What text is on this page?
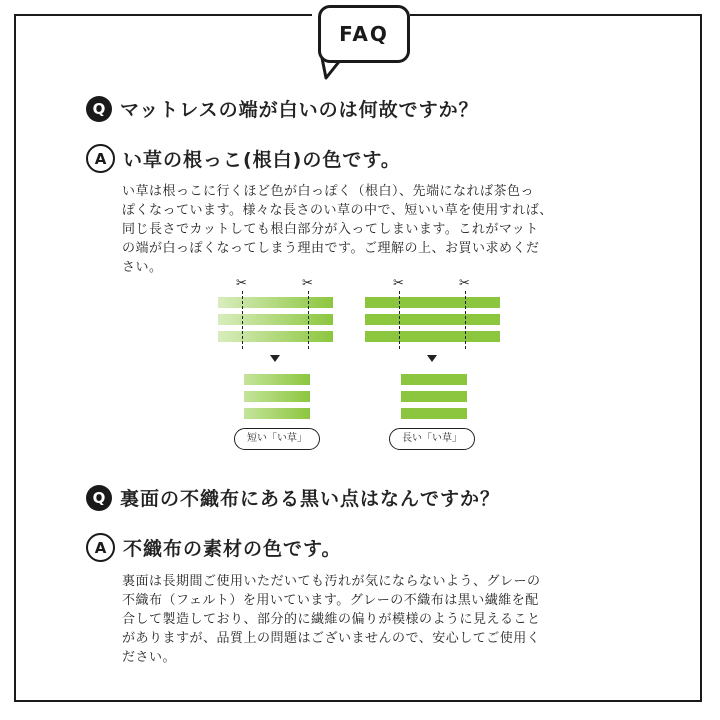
FAQ
Q マットレスの端が白いのは何故ですか？
A い草の根っこ(根白)の色です。
い草は根っこに行くほど色が白っぽく（根白）、先端になれば茶色っ
ぽくなっています。様々な長さのい草の中で、短いい草を使用すれば、
同じ長さでカットしても根白部分が入ってしまいます。これがマット
の端が白っぽくなってしまう理由です。ご理解の上、お買い求めくだ
さい。
✂	✂
短い「い草」
✂	✂
長い「い草」
Q 裏面の不織布にある黒い点はなんですか？
A 不織布の素材の色です。
裏面は長期間ご使用いただいても汚れが気にならないよう、グレーの
不織布（フェルト）を用いています。グレーの不織布は黒い繊維を配
合して製造しており、部分的に繊維の偏りが模様のように見えること
がありますが、品質上の問題はございませんので、安心してご使用く
ださい。
